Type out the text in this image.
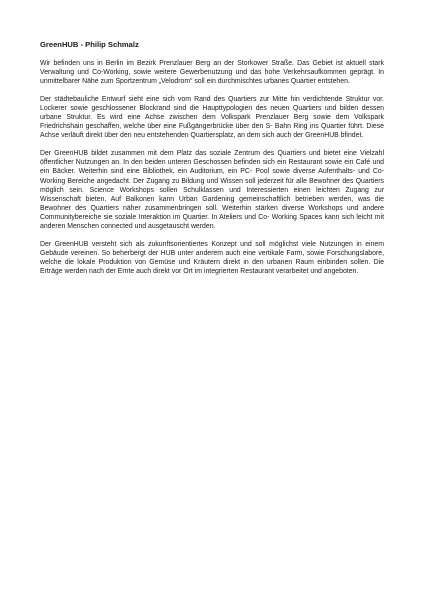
GreenHUB - Philip Schmalz

Wir befinden uns in Berlin im Bezirk Prenzlauer Berg an der Storkower Straße. Das Gebiet ist aktuell stark Verwaltung und Co-Working, sowie weitere Gewerbenutzung und das hohe Verkehrsaufkommen geprägt. In unmittelbarer Nähe zum Sportzentrum „Velodrom“ soll ein durchmischtes urbanes Quartier entstehen.

Der städtebauliche Entwurf sieht eine sich vom Rand des Quartiers zur Mitte hin verdichtende Struktur vor. Lockerer sowie geschlossener Blockrand sind die Haupttypologien des neuen Quartiers und bilden dessen urbane Struktur. Es wird eine Achse zwischen dem Volkspark Prenzlauer Berg sowie dem Volkspark Friedrichshain geschaffen, welche über eine Fußgängerbrücke über den S- Bahn Ring ins Quartier führt. Diese Achse verläuft direkt über den neu entstehenden Quartiersplatz, an dem sich auch der GreenHUB bfindet.

Der GreenHUB bildet zusammen mit dem Platz das soziale Zentrum des Quartiers und bietet eine Vielzahl öffentlicher Nutzungen an. In den beiden unteren Geschossen befinden sich ein Restaurant sowie ein Café und ein Bäcker. Weiterhin sind eine Bibliothek, ein Auditorium, ein PC- Pool sowie diverse Aufenthalts- und Co- Working Bereiche angedacht. Der Zugang zu Bildung und Wissen soll jederzeit für alle Bewohner des Quartiers möglich sein. Science Workshops sollen Schulklassen und Interessierten einen leichten Zugang zur Wissenschaft bieten. Auf Balkonen kann Urban Gardening gemeinschaftlich betrieben werden, was die Bewohner des Quartiers näher zusammenbringen soll. Weiterhin stärken diverse Workshops und andere Communitybereiche sie soziale Interaktion im Quartier. In Ateliers und Co- Working Spaces kann sich leicht mit anderen Menschen connected und ausgetauscht werden.

Der GreenHUB versteht sich als zukunftsorientiertes Konzept und soll möglichst viele Nutzungen in einem Gebäude vereinen. So beherbergt der HUB unter anderem auch eine vertikale Farm, sowie Forschungslabore, welche die lokale Produktion von Gemüse und Kräutern direkt in den urbanen Raum einbinden sollen. Die Erträge werden nach der Ernte auch direkt vor Ort im integrierten Restaurant verarbeitet und angeboten.
